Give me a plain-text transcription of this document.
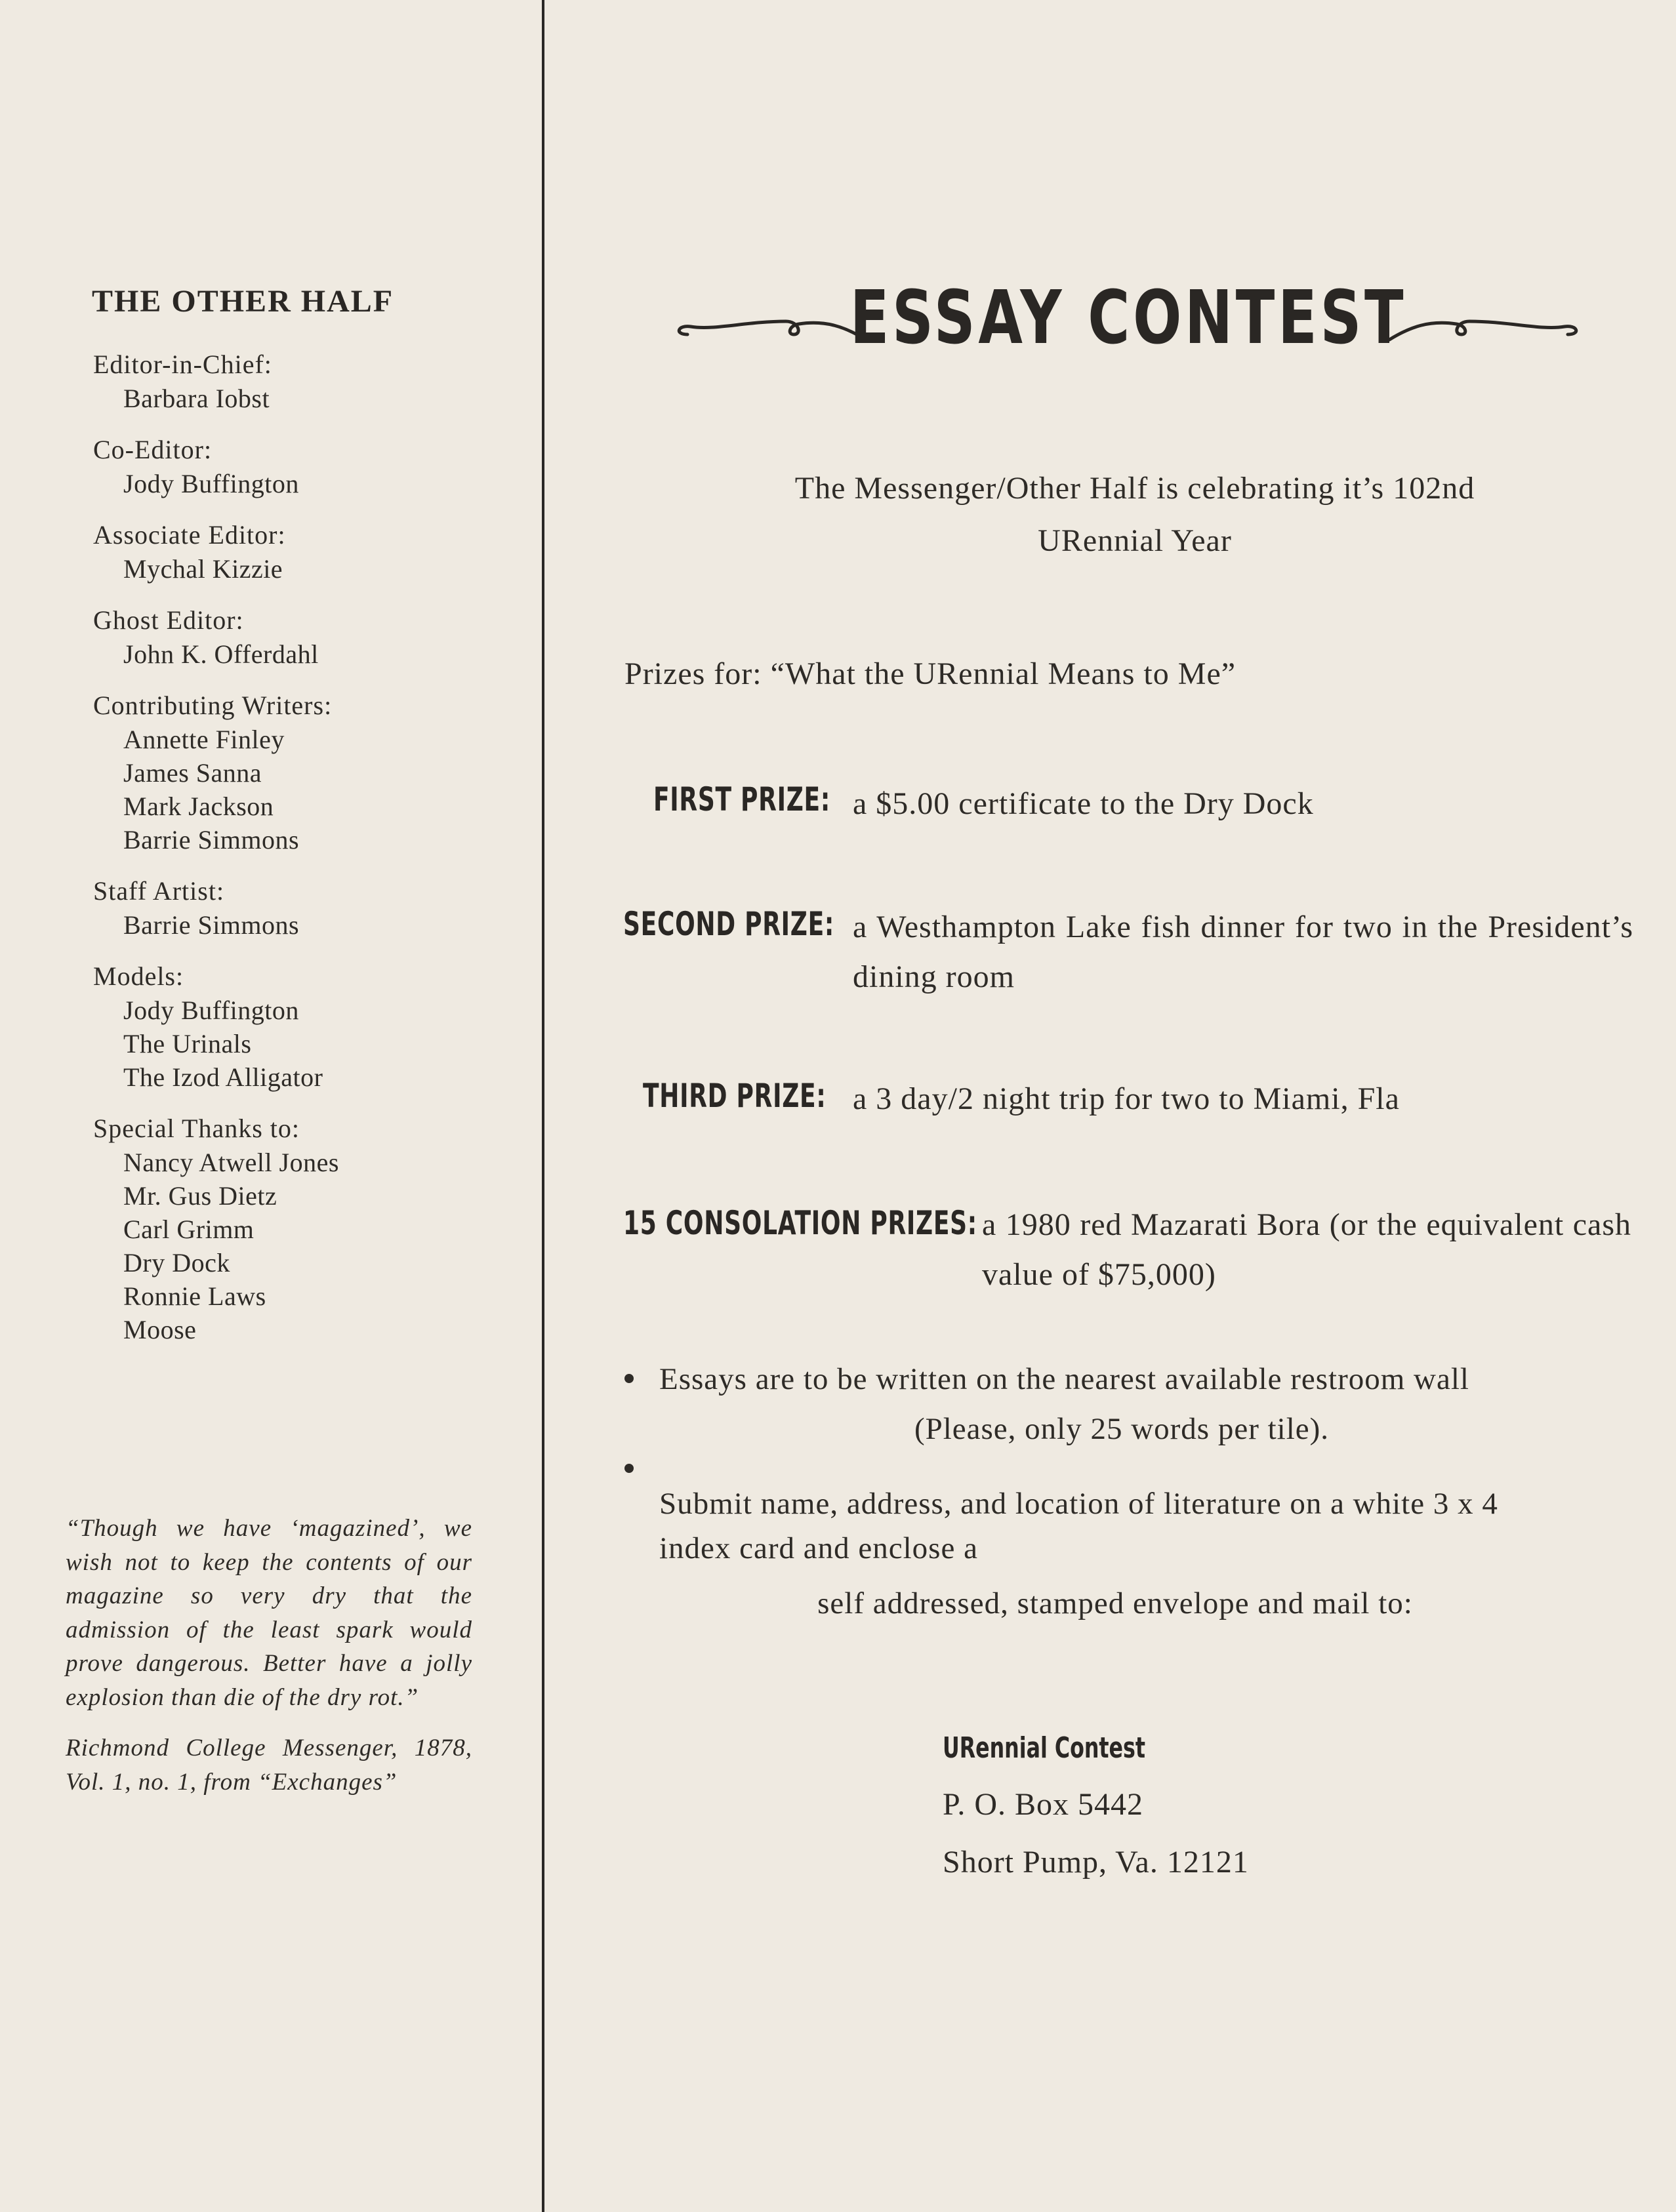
THE OTHER HALF
Editor-in-Chief:
Barbara Iobst
Co-Editor:
Jody Buffington
Associate Editor:
Mychal Kizzie
Ghost Editor:
John K. Offerdahl
Contributing Writers:
Annette Finley
James Sanna
Mark Jackson
Barrie Simmons
Staff Artist:
Barrie Simmons
Models:
Jody Buffington
The Urinals
The Izod Alligator
Special Thanks to:
Nancy Atwell Jones
Mr. Gus Dietz
Carl Grimm
Dry Dock
Ronnie Laws
Moose

“Though we have ‘magazined’, we wish not to keep the contents of our magazine so very dry that the admission of the least spark would prove dangerous. Better have a jolly explosion than die of the dry rot.”

Richmond College Messenger, 1878, Vol. 1, no. 1, from “Exchanges”

ESSAY CONTEST
The Messenger/Other Half is celebrating it’s 102nd
URennial Year
Prizes for: “What the URennial Means to Me”
FIRST PRIZE: a $5.00 certificate to the Dry Dock
SECOND PRIZE: a Westhampton Lake fish dinner for two in the President’s dining room
THIRD PRIZE: a 3 day/2 night trip for two to Miami, Fla
15 CONSOLATION PRIZES: a 1980 red Mazarati Bora (or the equivalent cash value of $75,000)
Essays are to be written on the nearest available restroom wall
(Please, only 25 words per tile).
Submit name, address, and location of literature on a white 3 x 4
index card and enclose a
self addressed, stamped envelope and mail to:
URennial Contest
P. O. Box 5442
Short Pump, Va. 12121
